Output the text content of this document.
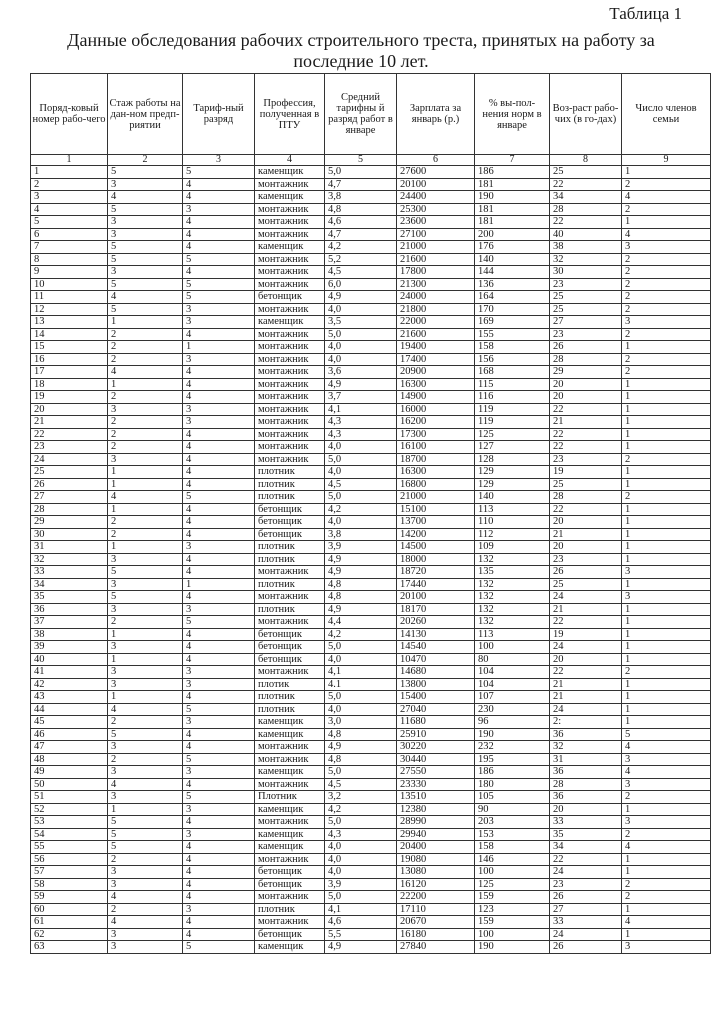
Таблица 1
Данные обследования рабочих строительного треста, принятых на работу за
последние 10 лет.
Поряд-ковый номер рабо-чего	Стаж работы на дан-ном предп-риятии	Тариф-ный разряд	Профессия, полученная в ПТУ	Средний тарифны й разряд работ в январе	Зарплата за январь (р.)	% вы-пол-нения норм в январе	Воз-раст рабо-чих (в го-дах)	Число членов семьи
1	2	3	4	5	6	7	8	9
1	5	5	каменщик	5,0	27600	186	25	1
2	3	4	монтажник	4,7	20100	181	22	2
3	4	4	каменщик	3,8	24400	190	34	4
4	5	3	монтажник	4,8	25300	181	28	2
5	3	4	монтажник	4,6	23600	181	22	1
6	3	4	монтажник	4,7	27100	200	40	4
7	5	4	каменщик	4,2	21000	176	38	3
8	5	5	монтажник	5,2	21600	140	32	2
9	3	4	монтажник	4,5	17800	144	30	2
10	5	5	монтажник	6,0	21300	136	23	2
11	4	5	бетонщик	4,9	24000	164	25	2
12	5	3	монтажник	4,0	21800	170	25	2
13	1	3	каменщик	3,5	22000	169	27	3
14	2	4	монтажник	5,0	21600	155	23	2
15	2	1	монтажник	4,0	19400	158	26	1
16	2	3	монтажник	4,0	17400	156	28	2
17	4	4	монтажник	3,6	20900	168	29	2
18	1	4	монтажник	4,9	16300	115	20	1
19	2	4	монтажник	3,7	14900	116	20	1
20	3	3	монтажник	4,1	16000	119	22	1
21	2	3	монтажник	4,3	16200	119	21	1
22	2	4	монтажник	4,3	17300	125	22	1
23	2	4	монтажник	4,0	16100	127	22	1
24	3	4	монтажник	5,0	18700	128	23	2
25	1	4	плотник	4,0	16300	129	19	1
26	1	4	плотник	4,5	16800	129	25	1
27	4	5	плотник	5,0	21000	140	28	2
28	1	4	бетонщик	4,2	15100	113	22	1
29	2	4	бетонщик	4,0	13700	110	20	1
30	2	4	бетонщик	3,8	14200	112	21	1
31	1	3	плотник	3,9	14500	109	20	1
32	3	4	плотник	4,9	18000	132	23	1
33	5	4	монтажник	4,9	18720	135	26	3
34	3	1	плотник	4,8	17440	132	25	1
35	5	4	монтажник	4,8	20100	132	24	3
36	3	3	плотник	4,9	18170	132	21	1
37	2	5	монтажник	4,4	20260	132	22	1
38	1	4	бетонщик	4,2	14130	113	19	1
39	3	4	бетонщик	5,0	14540	100	24	1
40	1	4	бетонщик	4,0	10470	80	20	1
41	3	3	монтажник	4,1	14680	104	22	2
42	3	3	плотик	4.1	13800	104	21	1
43	1	4	плотник	5,0	15400	107	21	1
44	4	5	плотник	4,0	27040	230	24	1
45	2	3	каменщик	3,0	11680	96	2:	1
46	5	4	каменщик	4,8	25910	190	36	5
47	3	4	монтажник	4,9	30220	232	32	4
48	2	5	монтажник	4,8	30440	195	31	3
49	3	3	каменщик	5,0	27550	186	36	4
50	4	4	монтажник	4,5	23330	180	28	3
51	3	5	Плотник	3,2	13510	105	36	2
52	1	3	каменщик	4,2	12380	90	20	1
53	5	4	монтажник	5,0	28990	203	33	3
54	5	3	каменщик	4,3	29940	153	35	2
55	5	4	каменщик	4,0	20400	158	34	4
56	2	4	монтажник	4,0	19080	146	22	1
57	3	4	бетонщик	4,0	13080	100	24	1
58	3	4	бетонщик	3,9	16120	125	23	2
59	4	4	монтажник	5,0	22200	159	26	2
60	2	3	плотник	4,1	17110	123	27	1
61	4	4	монтажник	4,6	20670	159	33	4
62	3	4	бетонщик	5,5	16180	100	24	1
63	3	5	каменщик	4,9	27840	190	26	3
